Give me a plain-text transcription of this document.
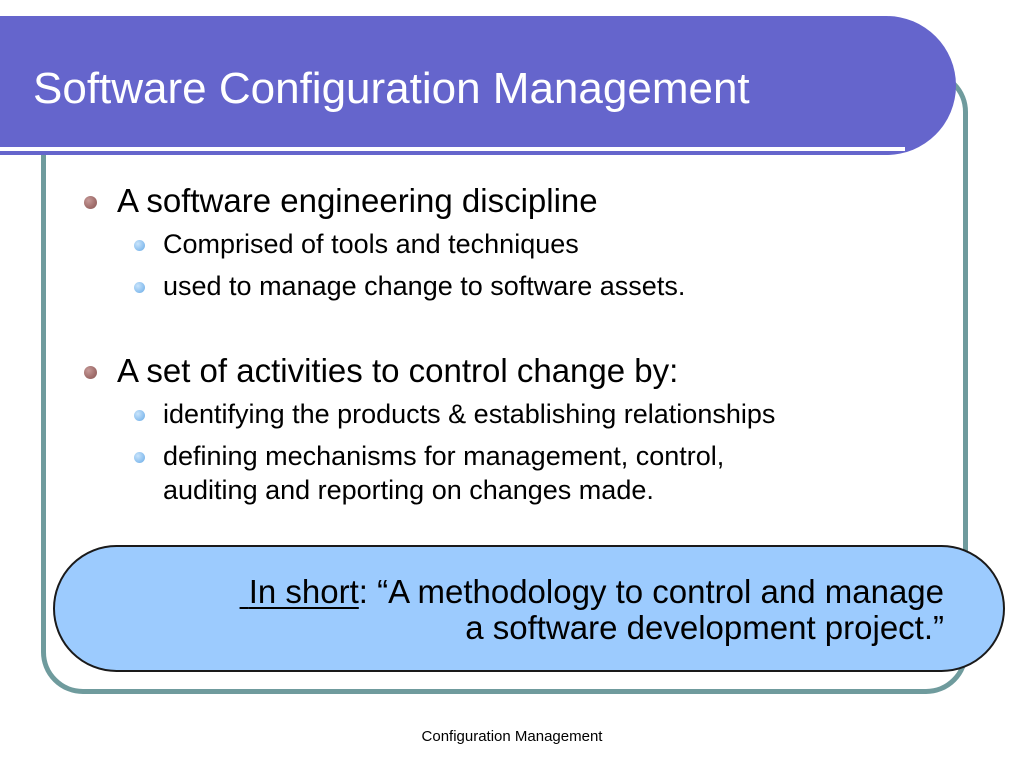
Software Configuration Management
A software engineering discipline
Comprised of tools and techniques
used to manage change to software assets.
A set of activities to control change by:
identifying the products & establishing relationships
defining mechanisms for management, control,
auditing and reporting on changes made.
In short: “A methodology to control and manage
a software development project.”
Configuration Management
